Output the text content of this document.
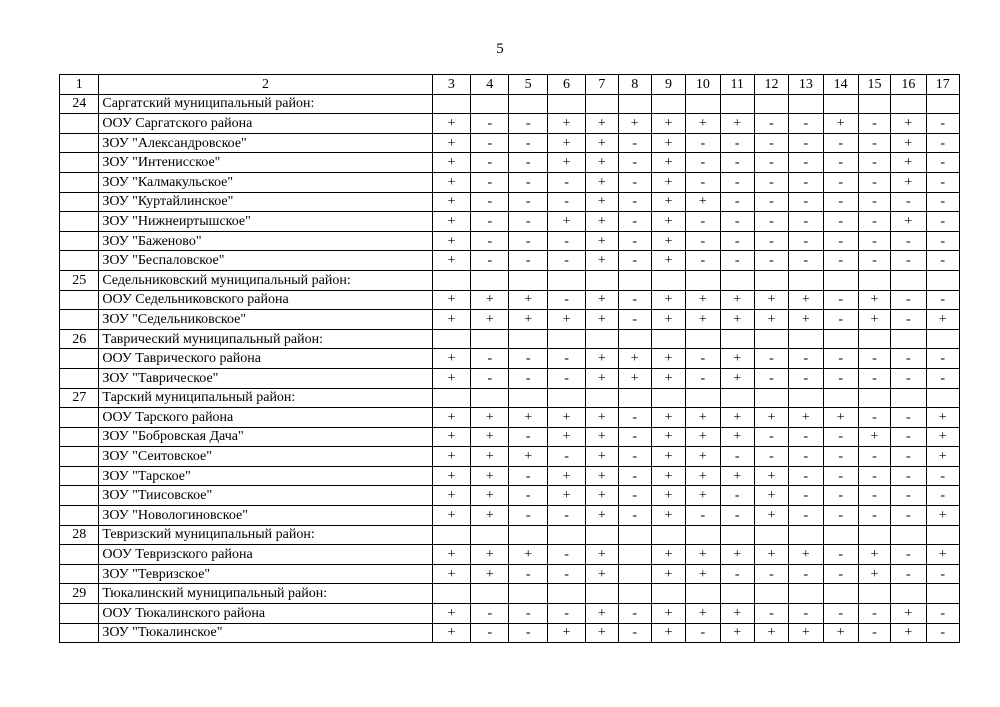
5
1	2	3	4	5	6	7	8	9	10	11	12	13	14	15	16	17
24	Саргатский муниципальный район:															
	ООУ Саргатского района	+	-	-	+	+	+	+	+	+	-	-	+	-	+	-
	ЗОУ "Александровское"	+	-	-	+	+	-	+	-	-	-	-	-	-	+	-
	ЗОУ "Интенисское"	+	-	-	+	+	-	+	-	-	-	-	-	-	+	-
	ЗОУ "Калмакульское"	+	-	-	-	+	-	+	-	-	-	-	-	-	+	-
	ЗОУ "Куртайлинское"	+	-	-	-	+	-	+	+	-	-	-	-	-	-	-
	ЗОУ "Нижнеиртышское"	+	-	-	+	+	-	+	-	-	-	-	-	-	+	-
	ЗОУ "Баженово"	+	-	-	-	+	-	+	-	-	-	-	-	-	-	-
	ЗОУ "Беспаловское"	+	-	-	-	+	-	+	-	-	-	-	-	-	-	-
25	Седельниковский муниципальный район:															
	ООУ Седельниковского района	+	+	+	-	+	-	+	+	+	+	+	-	+	-	-
	ЗОУ "Седельниковское"	+	+	+	+	+	-	+	+	+	+	+	-	+	-	+
26	Таврический муниципальный район:															
	ООУ Таврического района	+	-	-	-	+	+	+	-	+	-	-	-	-	-	-
	ЗОУ "Таврическое"	+	-	-	-	+	+	+	-	+	-	-	-	-	-	-
27	Тарский муниципальный район:															
	ООУ Тарского района	+	+	+	+	+	-	+	+	+	+	+	+	-	-	+
	ЗОУ "Бобровская Дача"	+	+	-	+	+	-	+	+	+	-	-	-	+	-	+
	ЗОУ "Сеитовское"	+	+	+	-	+	-	+	+	-	-	-	-	-	-	+
	ЗОУ "Тарское"	+	+	-	+	+	-	+	+	+	+	-	-	-	-	-
	ЗОУ "Тиисовское"	+	+	-	+	+	-	+	+	-	+	-	-	-	-	-
	ЗОУ "Новологиновское"	+	+	-	-	+	-	+	-	-	+	-	-	-	-	+
28	Тевризский муниципальный район:															
	ООУ Тевризского района	+	+	+	-	+		+	+	+	+	+	-	+	-	+
	ЗОУ "Тевризское"	+	+	-	-	+		+	+	-	-	-	-	+	-	-
29	Тюкалинский муниципальный район:															
	ООУ Тюкалинского района	+	-	-	-	+	-	+	+	+	-	-	-	-	+	-
	ЗОУ "Тюкалинское"	+	-	-	+	+	-	+	-	+	+	+	+	-	+	-
